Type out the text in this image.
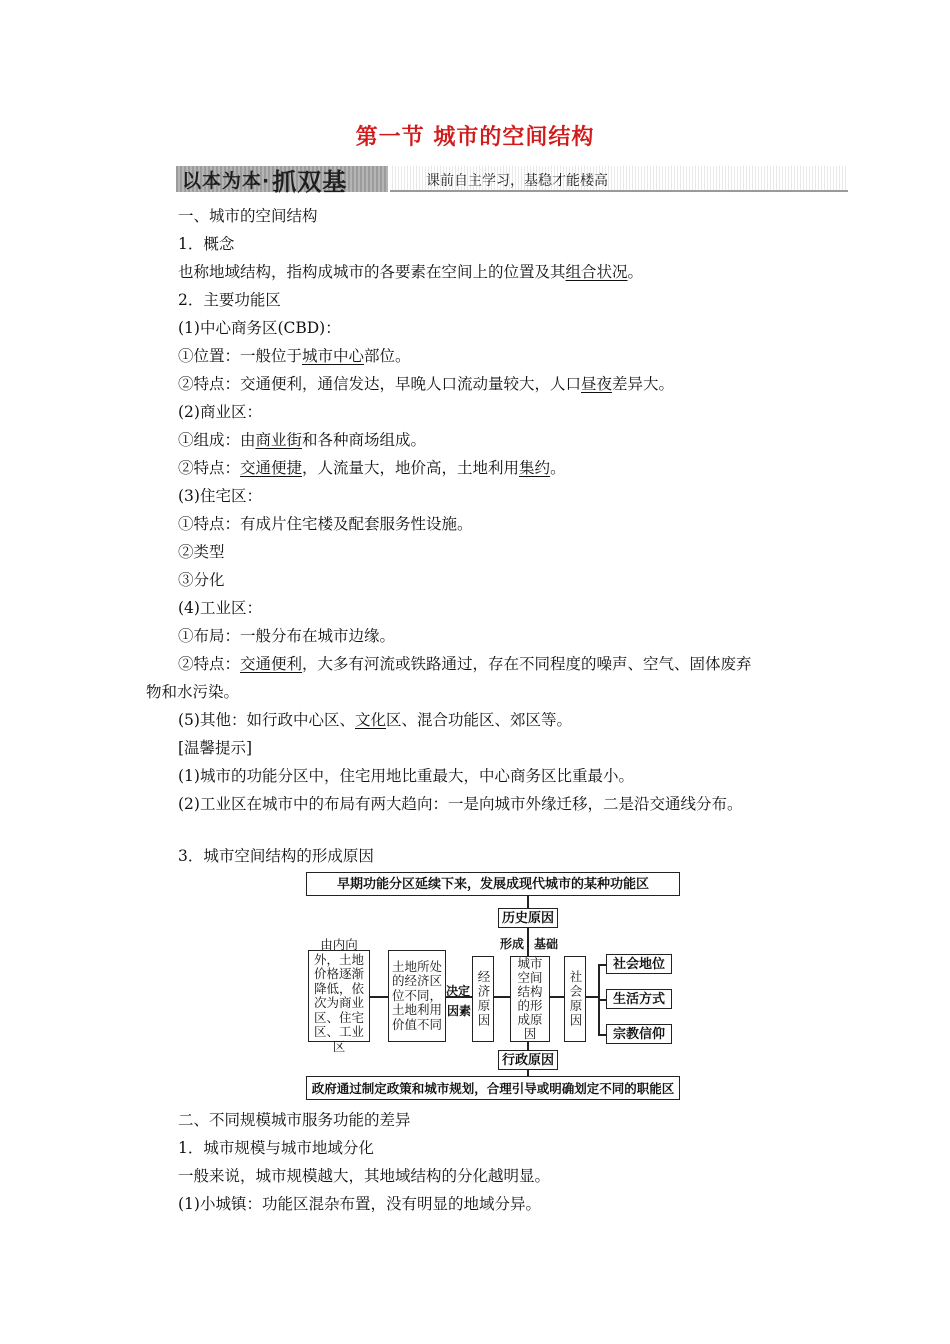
第一节 城市的空间结构
以本为本· 抓双基	课前自主学习，基稳才能楼高
一、城市的空间结构
1．概念
也称地域结构，指构成城市的各要素在空间上的位置及其组合状况。
2．主要功能区
(1)中心商务区(CBD)：
①位置：一般位于城市中心部位。
②特点：交通便利，通信发达，早晚人口流动量较大，人口昼夜差异大。
(2)商业区：
①组成：由商业街和各种商场组成。
②特点：交通便捷，人流量大，地价高，土地利用集约。
(3)住宅区：
①特点：有成片住宅楼及配套服务性设施。
②类型
③分化
(4)工业区：
①布局：一般分布在城市边缘。
②特点：交通便利，大多有河流或铁路通过，存在不同程度的噪声、空气、固体废弃
物和水污染。
(5)其他：如行政中心区、文化区、混合功能区、郊区等。
[温馨提示]
(1)城市的功能分区中，住宅用地比重最大，中心商务区比重最小。
(2)工业区在城市中的布局有两大趋向：一是向城市外缘迁移，二是沿交通线分布。
3．城市空间结构的形成原因
早期功能分区延续下来，发展成现代城市的某种功能区
历史原因
形成 基础
由内向外，土地价格逐渐降低，依次为商业区、住宅区、工业区
土地所处的经济区位不同，土地利用价值不同
决定
因素 经济原因
城市空间结构的形成原因
社会原因
社会地位
生活方式
宗教信仰
行政原因
政府通过制定政策和城市规划，合理引导或明确划定不同的职能区
二、不同规模城市服务功能的差异
1．城市规模与城市地域分化
一般来说，城市规模越大，其地域结构的分化越明显。
(1)小城镇：功能区混杂布置，没有明显的地域分异。
